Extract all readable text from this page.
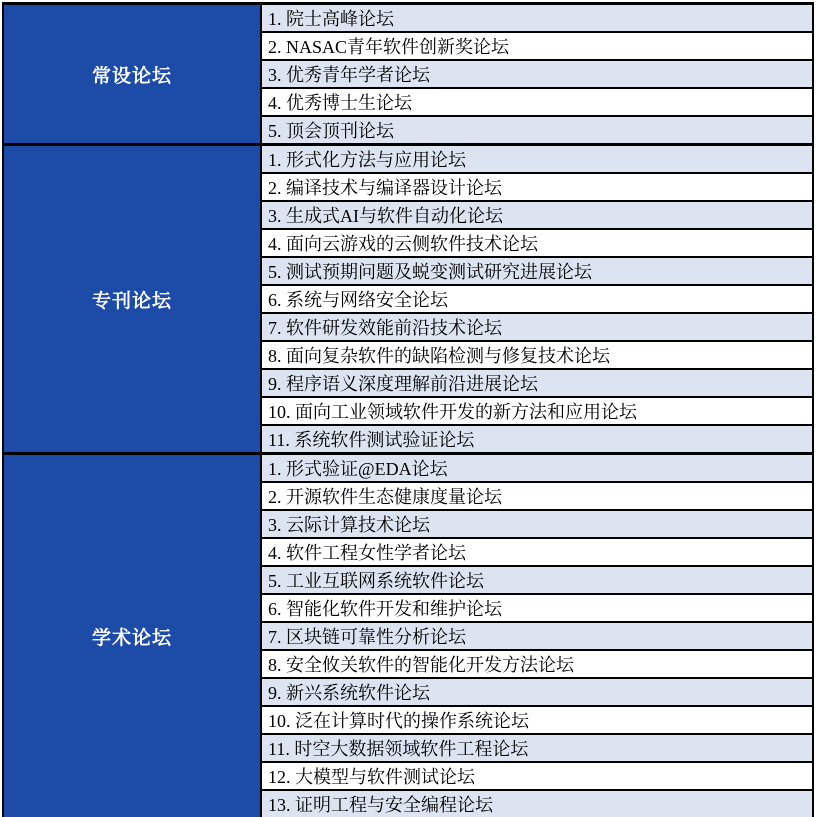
常设论坛	1. 院士高峰论坛
	2. NASAC青年软件创新奖论坛
	3. 优秀青年学者论坛
	4. 优秀博士生论坛
	5. 顶会顶刊论坛
专刊论坛	1. 形式化方法与应用论坛
	2. 编译技术与编译器设计论坛
	3. 生成式AI与软件自动化论坛
	4. 面向云游戏的云侧软件技术论坛
	5. 测试预期问题及蜕变测试研究进展论坛
	6. 系统与网络安全论坛
	7. 软件研发效能前沿技术论坛
	8. 面向复杂软件的缺陷检测与修复技术论坛
	9. 程序语义深度理解前沿进展论坛
	10. 面向工业领域软件开发的新方法和应用论坛
	11. 系统软件测试验证论坛
学术论坛	1. 形式验证@EDA论坛
	2. 开源软件生态健康度量论坛
	3. 云际计算技术论坛
	4. 软件工程女性学者论坛
	5. 工业互联网系统软件论坛
	6. 智能化软件开发和维护论坛
	7. 区块链可靠性分析论坛
	8. 安全攸关软件的智能化开发方法论坛
	9. 新兴系统软件论坛
	10. 泛在计算时代的操作系统论坛
	11. 时空大数据领域软件工程论坛
	12. 大模型与软件测试论坛
	13. 证明工程与安全编程论坛
